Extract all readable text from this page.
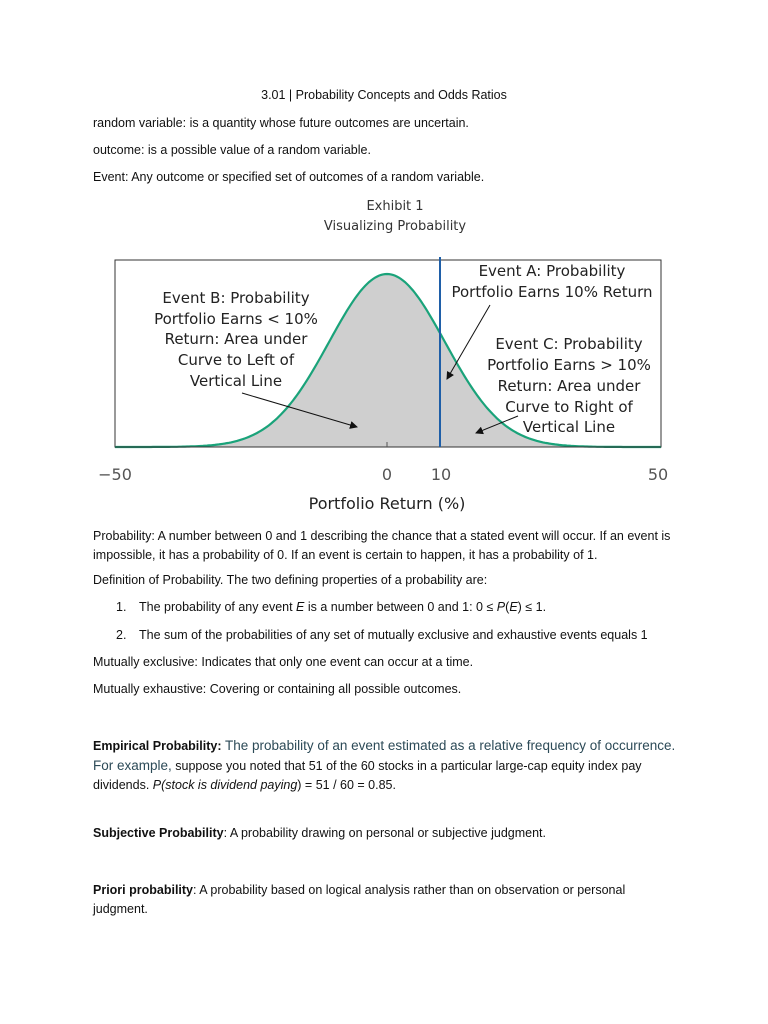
3.01 | Probability Concepts and Odds Ratios
random variable: is a quantity whose future outcomes are uncertain.
outcome: is a possible value of a random variable.
Event: Any outcome or specified set of outcomes of a random variable.
Exhibit 1
Visualizing Probability
Event A: Probability
Portfolio Earns 10% Return
Event B: Probability
Portfolio Earns < 10%
Return: Area under
Curve to Left of
Vertical Line
Event C: Probability
Portfolio Earns > 10%
Return: Area under
Curve to Right of
Vertical Line
−50	0 10	50
Portfolio Return (%)
Probability: A number between 0 and 1 describing the chance that a stated event will occur. If an event is impossible, it has a probability of 0. If an event is certain to happen, it has a probability of 1.
Definition of Probability. The two defining properties of a probability are:
1. The probability of any event E is a number between 0 and 1: 0 ≤ P(E) ≤ 1.
2. The sum of the probabilities of any set of mutually exclusive and exhaustive events equals 1
Mutually exclusive: Indicates that only one event can occur at a time.
Mutually exhaustive: Covering or containing all possible outcomes.
Empirical Probability: The probability of an event estimated as a relative frequency of occurrence. For example, suppose you noted that 51 of the 60 stocks in a particular large-cap equity index pay dividends. P(stock is dividend paying) = 51 / 60 = 0.85.
Subjective Probability: A probability drawing on personal or subjective judgment.
Priori probability: A probability based on logical analysis rather than on observation or personal judgment.
